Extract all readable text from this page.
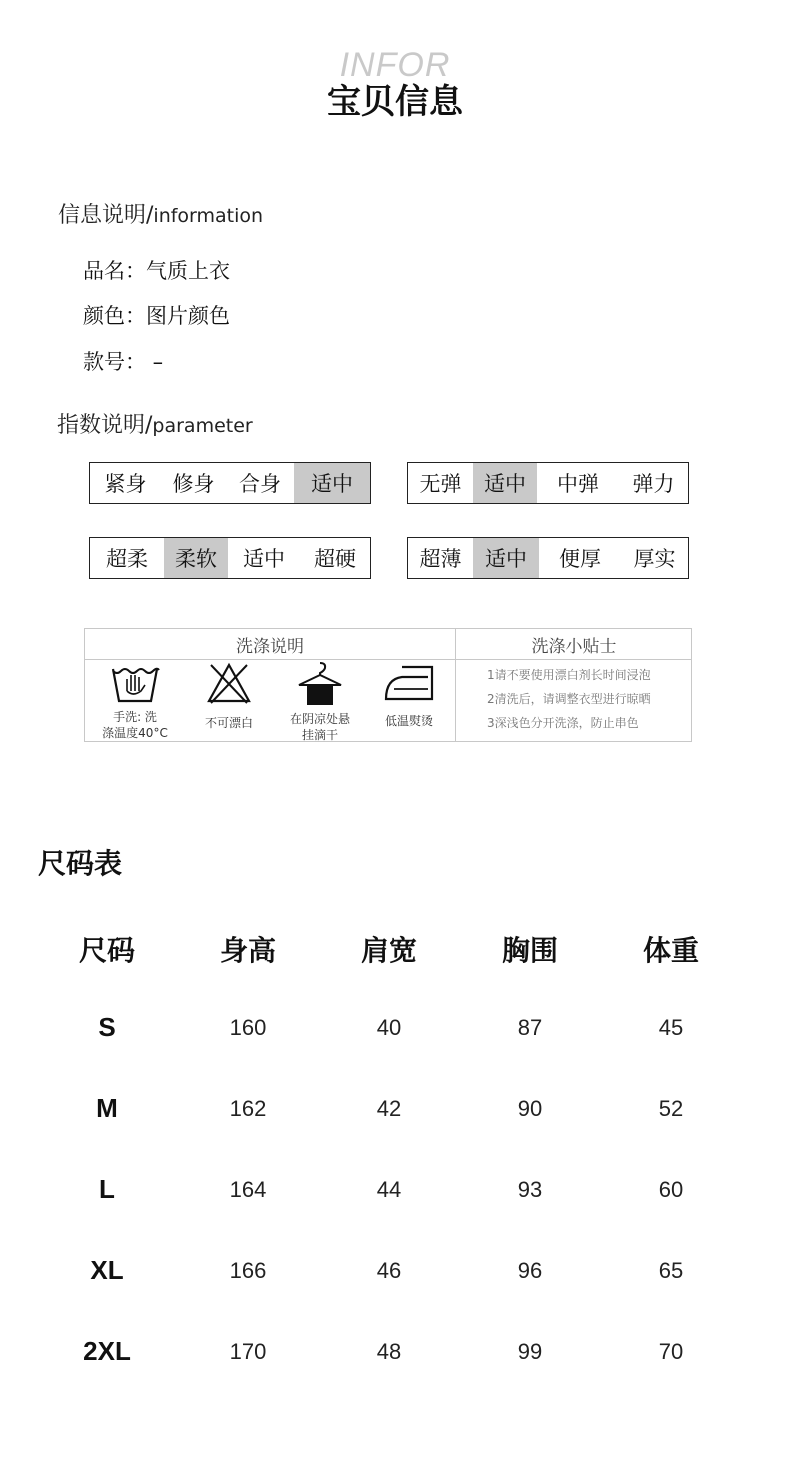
INFOR
宝贝信息
信息说明/information
品名：气质上衣
颜色：图片颜色
款号： –
指数说明/parameter
紧身	修身	合身	适中	无弹	适中	中弹	弹力
超柔	柔软	适中	超硬	超薄	适中	便厚	厚实
洗涤说明	洗涤小贴士
手洗: 洗
涤温度40°C
不可漂白	在阴凉处悬
挂滴干
低温熨烫
1请不要使用漂白剂长时间浸泡
2清洗后，请调整衣型进行晾晒
3深浅色分开洗涤，防止串色
尺码表
尺码	身高	肩宽	胸围	体重
S	160	40	87	45
M	162	42	90	52
L	164	44	93	60
XL	166	46	96	65
2XL	170	48	99	70
